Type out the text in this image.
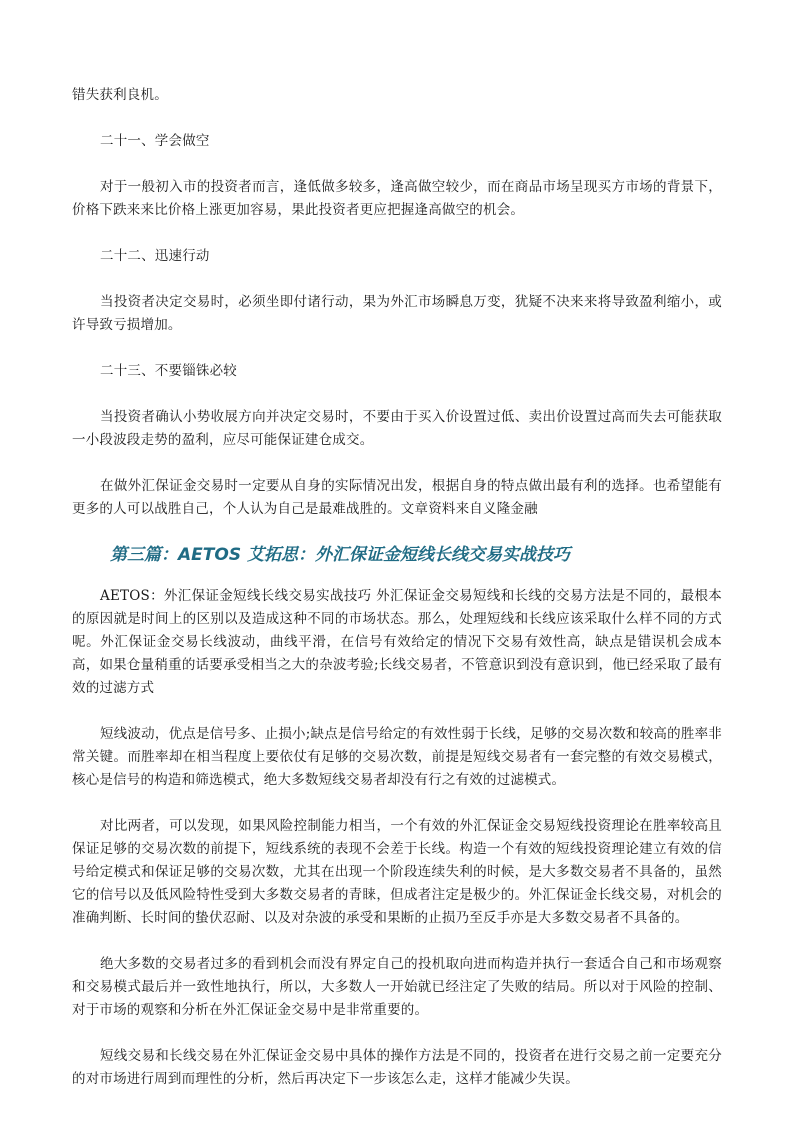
错失获利良机。

二十一、学会做空

对于一般初入市的投资者而言，逢低做多较多，逢高做空较少，而在商品市场呈现买方市场的背景下，价格下跌来来比价格上涨更加容易，果此投资者更应把握逢高做空的机会。

二十二、迅速行动

当投资者决定交易时，必须坐即付诸行动，果为外汇市场瞬息万变，犹疑不决来来将导致盈利缩小，或许导致亏损增加。

二十三、不要锱铢必较

当投资者确认小势收展方向并决定交易时，不要由于买入价设置过低、卖出价设置过高而失去可能获取一小段波段走势的盈利，应尽可能保证建仓成交。

在做外汇保证金交易时一定要从自身的实际情况出发，根据自身的特点做出最有利的选择。也希望能有更多的人可以战胜自己，个人认为自己是最难战胜的。文章资料来自义隆金融

第三篇：AETOS 艾拓思：外汇保证金短线长线交易实战技巧

AETOS：外汇保证金短线长线交易实战技巧 外汇保证金交易短线和长线的交易方法是不同的，最根本的原因就是时间上的区别以及造成这种不同的市场状态。那么，处理短线和长线应该采取什么样不同的方式呢。外汇保证金交易长线波动，曲线平滑，在信号有效给定的情况下交易有效性高，缺点是错误机会成本高，如果仓量稍重的话要承受相当之大的杂波考验;长线交易者，不管意识到没有意识到，他已经采取了最有效的过滤方式

短线波动，优点是信号多、止损小;缺点是信号给定的有效性弱于长线，足够的交易次数和较高的胜率非常关键。而胜率却在相当程度上要依仗有足够的交易次数，前提是短线交易者有一套完整的有效交易模式，核心是信号的构造和筛选模式，绝大多数短线交易者却没有行之有效的过滤模式。

对比两者，可以发现，如果风险控制能力相当，一个有效的外汇保证金交易短线投资理论在胜率较高且保证足够的交易次数的前提下，短线系统的表现不会差于长线。构造一个有效的短线投资理论建立有效的信号给定模式和保证足够的交易次数，尤其在出现一个阶段连续失利的时候，是大多数交易者不具备的，虽然它的信号以及低风险特性受到大多数交易者的青睐，但成者注定是极少的。外汇保证金长线交易，对机会的准确判断、长时间的蛰伏忍耐、以及对杂波的承受和果断的止损乃至反手亦是大多数交易者不具备的。

绝大多数的交易者过多的看到机会而没有界定自己的投机取向进而构造并执行一套适合自己和市场观察和交易模式最后并一致性地执行，所以，大多数人一开始就已经注定了失败的结局。所以对于风险的控制、对于市场的观察和分析在外汇保证金交易中是非常重要的。

短线交易和长线交易在外汇保证金交易中具体的操作方法是不同的，投资者在进行交易之前一定要充分的对市场进行周到而理性的分析，然后再决定下一步该怎么走，这样才能减少失误。
